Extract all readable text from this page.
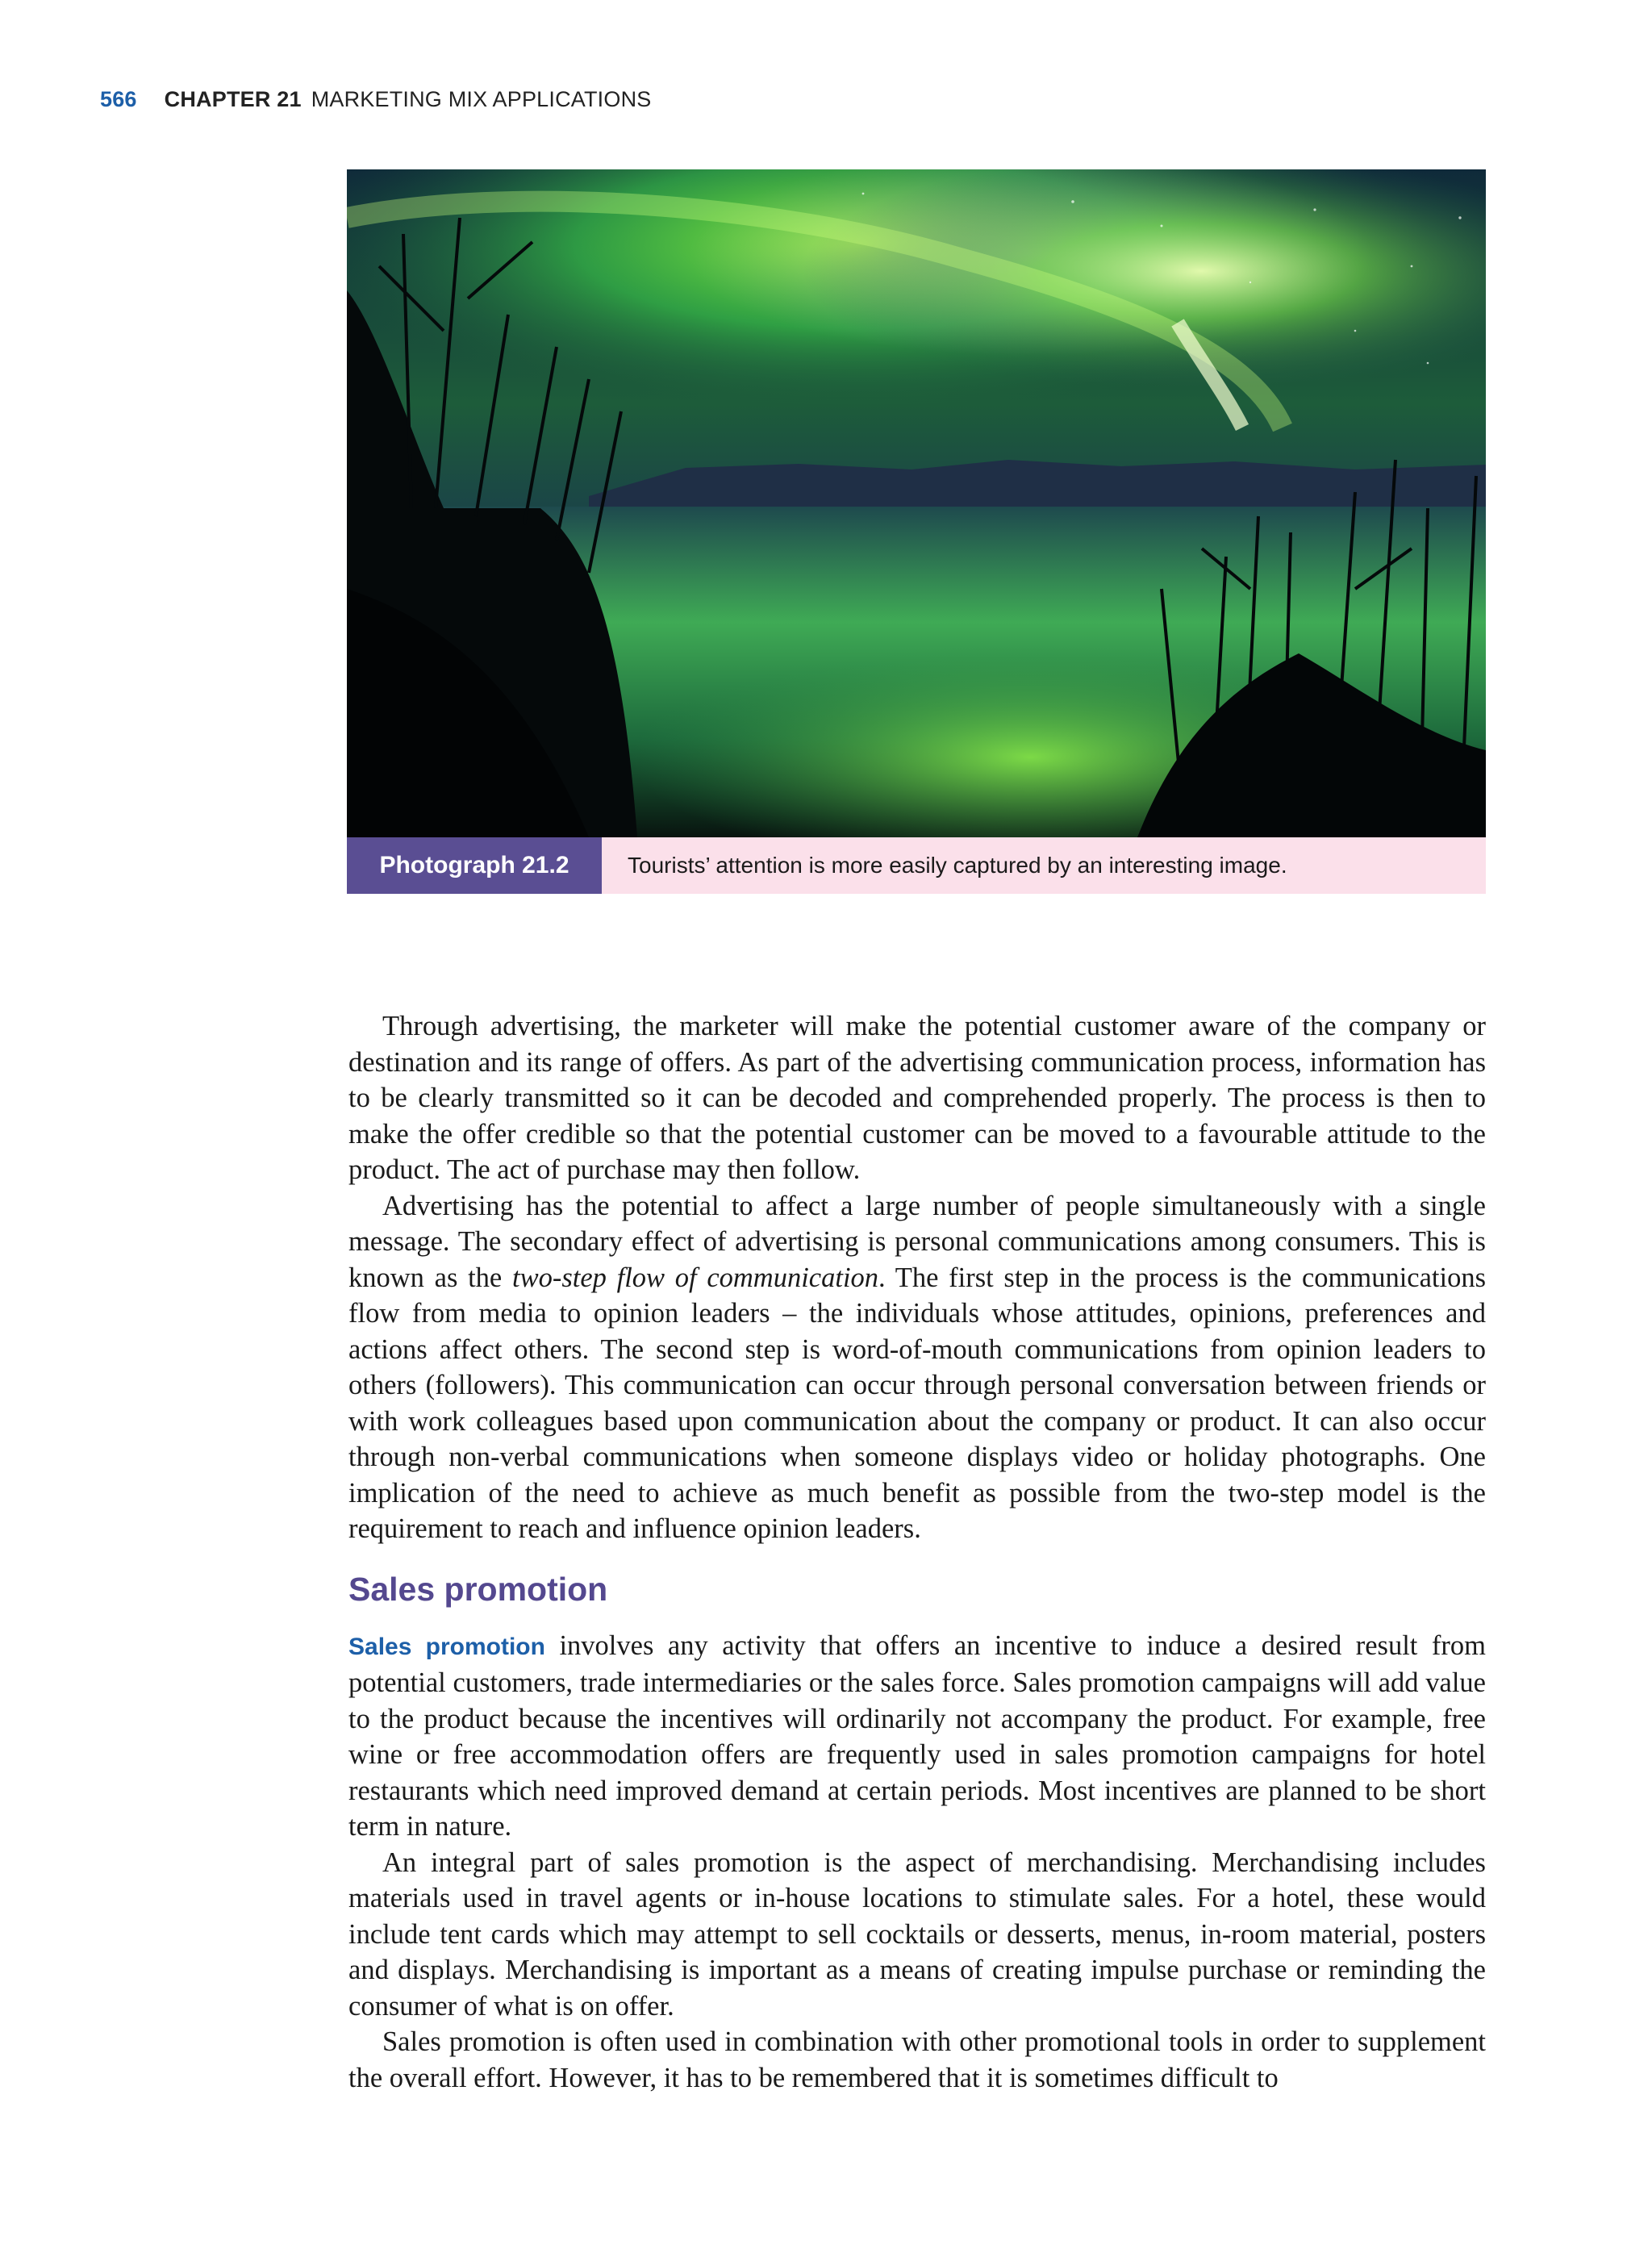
566 CHAPTER 21 MARKETING MIX APPLICATIONS
Photograph 21.2	Tourists’ attention is more easily captured by an interesting image.

Through advertising, the marketer will make the potential customer aware of the company or destination and its range of offers. As part of the advertising communication process, information has to be clearly transmitted so it can be decoded and comprehended properly. The process is then to make the offer credible so that the potential customer can be moved to a favourable attitude to the product. The act of purchase may then follow.

Advertising has the potential to affect a large number of people simultaneously with a single message. The secondary effect of advertising is personal communications among consumers. This is known as the two-step flow of communication. The first step in the process is the communications flow from media to opinion leaders – the individuals whose attitudes, opinions, preferences and actions affect others. The second step is word-of-mouth communications from opinion leaders to others (followers). This communication can occur through personal conversation between friends or with work colleagues based upon communication about the company or product. It can also occur through non-verbal communications when someone displays video or holiday photographs. One implication of the need to achieve as much benefit as possible from the two-step model is the requirement to reach and influence opinion leaders.

Sales promotion

Sales promotion involves any activity that offers an incentive to induce a desired result from potential customers, trade intermediaries or the sales force. Sales promotion campaigns will add value to the product because the incentives will ordinarily not accompany the product. For example, free wine or free accommodation offers are frequently used in sales promotion campaigns for hotel restaurants which need improved demand at certain periods. Most incentives are planned to be short term in nature.

An integral part of sales promotion is the aspect of merchandising. Merchandising includes materials used in travel agents or in-house locations to stimulate sales. For a hotel, these would include tent cards which may attempt to sell cocktails or desserts, menus, in-room material, posters and displays. Merchandising is important as a means of creating impulse purchase or reminding the consumer of what is on offer.

Sales promotion is often used in combination with other promotional tools in order to supplement the overall effort. However, it has to be remembered that it is sometimes difficult to
